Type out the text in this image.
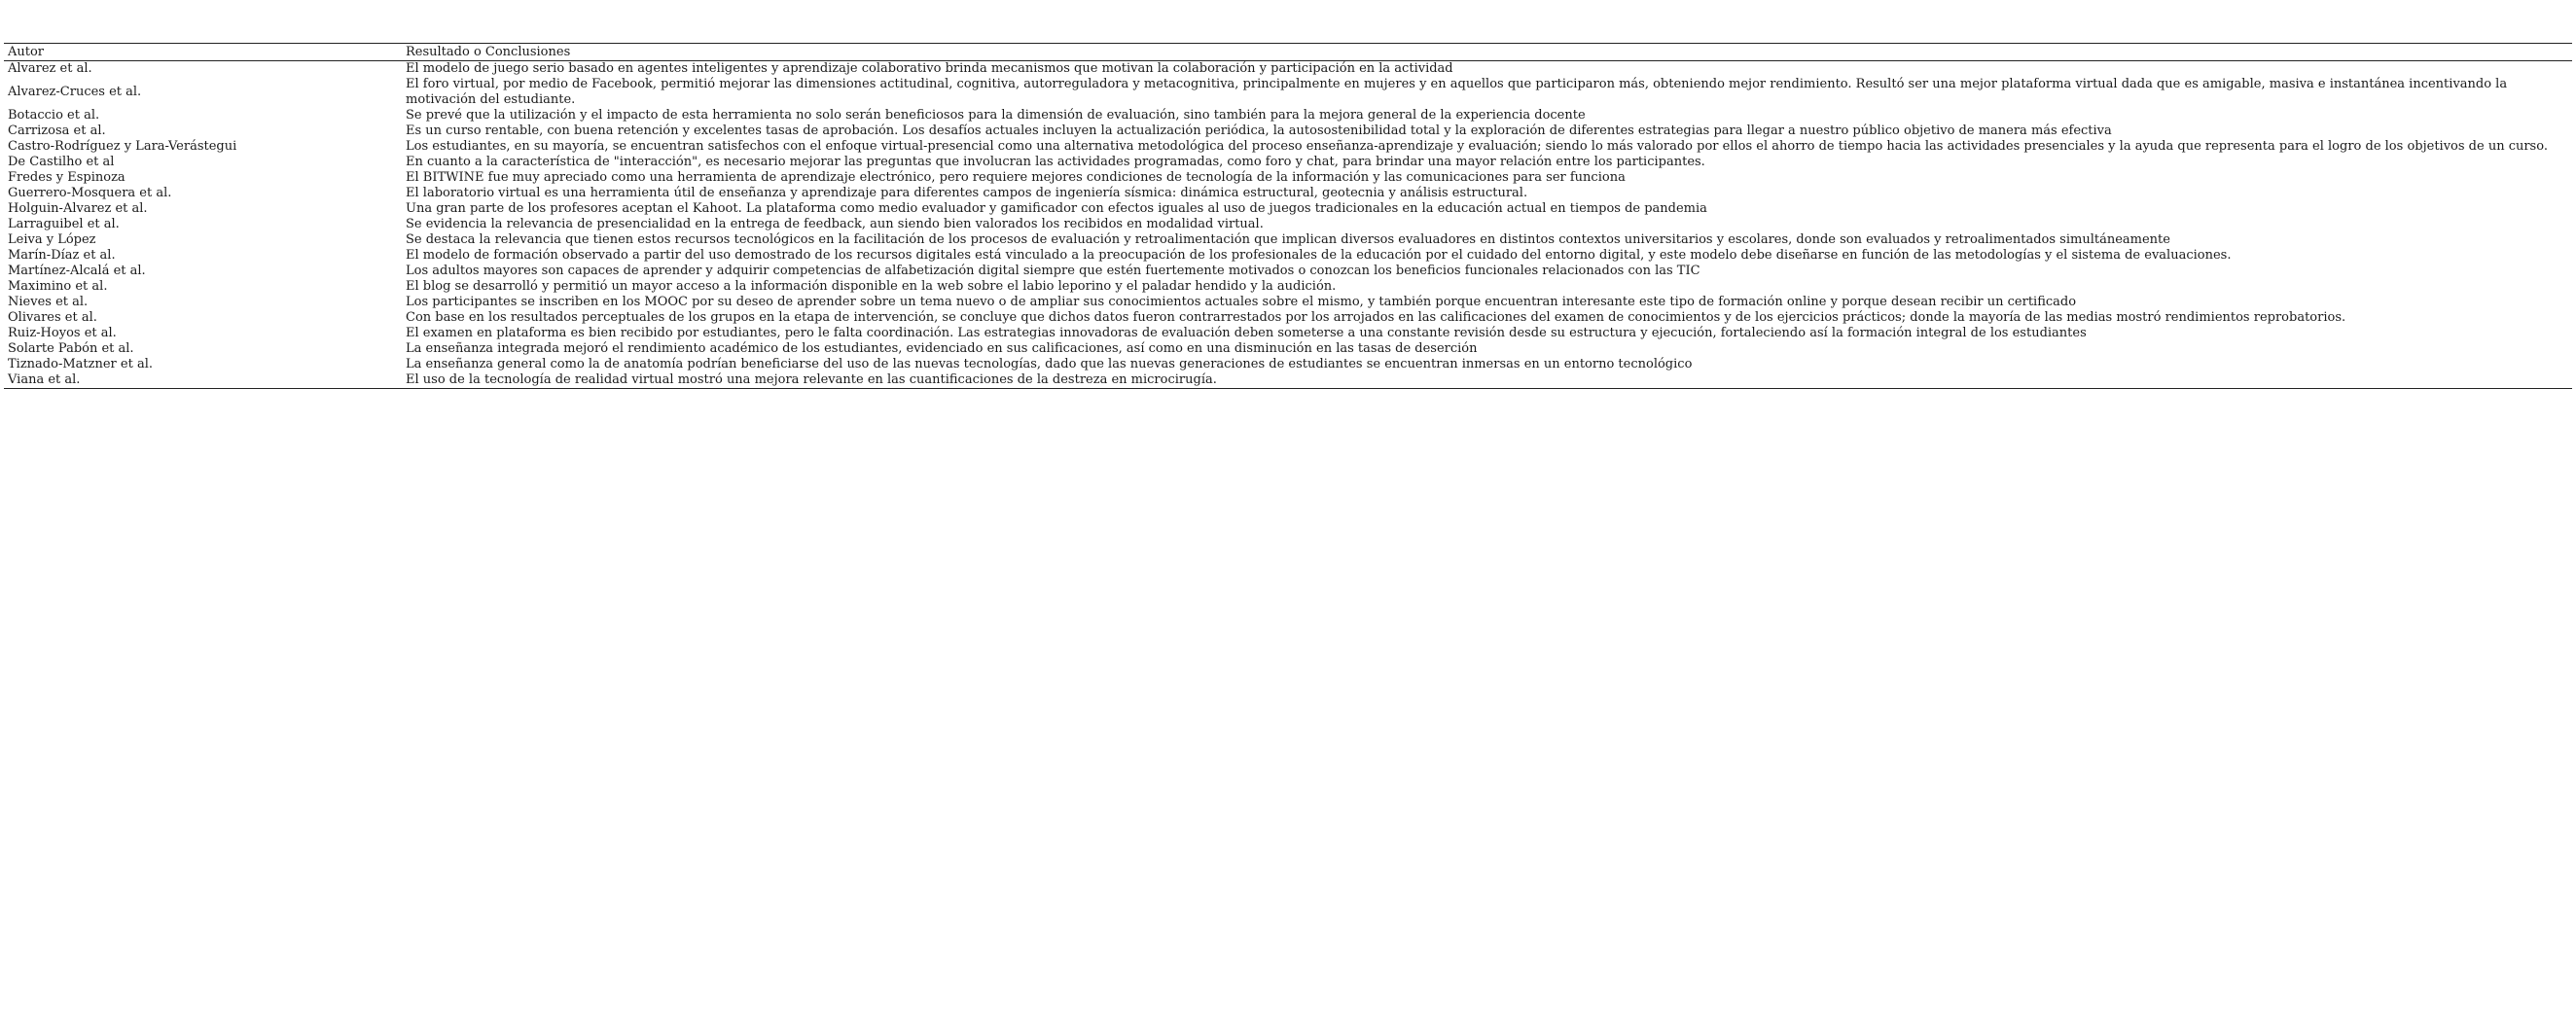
Autor	Resultado o Conclusiones
Alvarez et al.	El modelo de juego serio basado en agentes inteligentes y aprendizaje colaborativo brinda mecanismos que motivan la colaboración y participación en la actividad
Alvarez-Cruces et al.	El foro virtual, por medio de Facebook, permitió mejorar las dimensiones actitudinal, cognitiva, autorreguladora y metacognitiva, principalmente en mujeres y en aquellos que participaron más, obteniendo mejor rendimiento. Resultó ser una mejor plataforma virtual dada que es amigable, masiva e instantánea incentivando la motivación del estudiante.
Botaccio et al.	Se prevé que la utilización y el impacto de esta herramienta no solo serán beneficiosos para la dimensión de evaluación, sino también para la mejora general de la experiencia docente
Carrizosa et al.	Es un curso rentable, con buena retención y excelentes tasas de aprobación. Los desafíos actuales incluyen la actualización periódica, la autosostenibilidad total y la exploración de diferentes estrategias para llegar a nuestro público objetivo de manera más efectiva
Castro-Rodríguez y Lara-Verástegui	Los estudiantes, en su mayoría, se encuentran satisfechos con el enfoque virtual-presencial como una alternativa metodológica del proceso enseñanza-aprendizaje y evaluación; siendo lo más valorado por ellos el ahorro de tiempo hacia las actividades presenciales y la ayuda que representa para el logro de los objetivos de un curso.
De Castilho et al	En cuanto a la característica de "interacción", es necesario mejorar las preguntas que involucran las actividades programadas, como foro y chat, para brindar una mayor relación entre los participantes.
Fredes y Espinoza	El BITWINE fue muy apreciado como una herramienta de aprendizaje electrónico, pero requiere mejores condiciones de tecnología de la información y las comunicaciones para ser funciona
Guerrero-Mosquera et al.	El laboratorio virtual es una herramienta útil de enseñanza y aprendizaje para diferentes campos de ingeniería sísmica: dinámica estructural, geotecnia y análisis estructural.
Holguin-Alvarez et al.	Una gran parte de los profesores aceptan el Kahoot. La plataforma como medio evaluador y gamificador con efectos iguales al uso de juegos tradicionales en la educación actual en tiempos de pandemia
Larraguibel et al.	Se evidencia la relevancia de presencialidad en la entrega de feedback, aun siendo bien valorados los recibidos en modalidad virtual.
Leiva y López	Se destaca la relevancia que tienen estos recursos tecnológicos en la facilitación de los procesos de evaluación y retroalimentación que implican diversos evaluadores en distintos contextos universitarios y escolares, donde son evaluados y retroalimentados simultáneamente
Marín-Díaz et al.	El modelo de formación observado a partir del uso demostrado de los recursos digitales está vinculado a la preocupación de los profesionales de la educación por el cuidado del entorno digital, y este modelo debe diseñarse en función de las metodologías y el sistema de evaluaciones.
Martínez-Alcalá et al.	Los adultos mayores son capaces de aprender y adquirir competencias de alfabetización digital siempre que estén fuertemente motivados o conozcan los beneficios funcionales relacionados con las TIC
Maximino et al.	El blog se desarrolló y permitió un mayor acceso a la información disponible en la web sobre el labio leporino y el paladar hendido y la audición.
Nieves et al.	Los participantes se inscriben en los MOOC por su deseo de aprender sobre un tema nuevo o de ampliar sus conocimientos actuales sobre el mismo, y también porque encuentran interesante este tipo de formación online y porque desean recibir un certificado
Olivares et al.	Con base en los resultados perceptuales de los grupos en la etapa de intervención, se concluye que dichos datos fueron contrarrestados por los arrojados en las calificaciones del examen de conocimientos y de los ejercicios prácticos; donde la mayoría de las medias mostró rendimientos reprobatorios.
Ruiz-Hoyos et al.	El examen en plataforma es bien recibido por estudiantes, pero le falta coordinación. Las estrategias innovadoras de evaluación deben someterse a una constante revisión desde su estructura y ejecución, fortaleciendo así la formación integral de los estudiantes
Solarte Pabón et al.	La enseñanza integrada mejoró el rendimiento académico de los estudiantes, evidenciado en sus calificaciones, así como en una disminución en las tasas de deserción
Tiznado-Matzner et al.	La enseñanza general como la de anatomía podrían beneficiarse del uso de las nuevas tecnologías, dado que las nuevas generaciones de estudiantes se encuentran inmersas en un entorno tecnológico
Viana et al.	El uso de la tecnología de realidad virtual mostró una mejora relevante en las cuantificaciones de la destreza en microcirugía.
